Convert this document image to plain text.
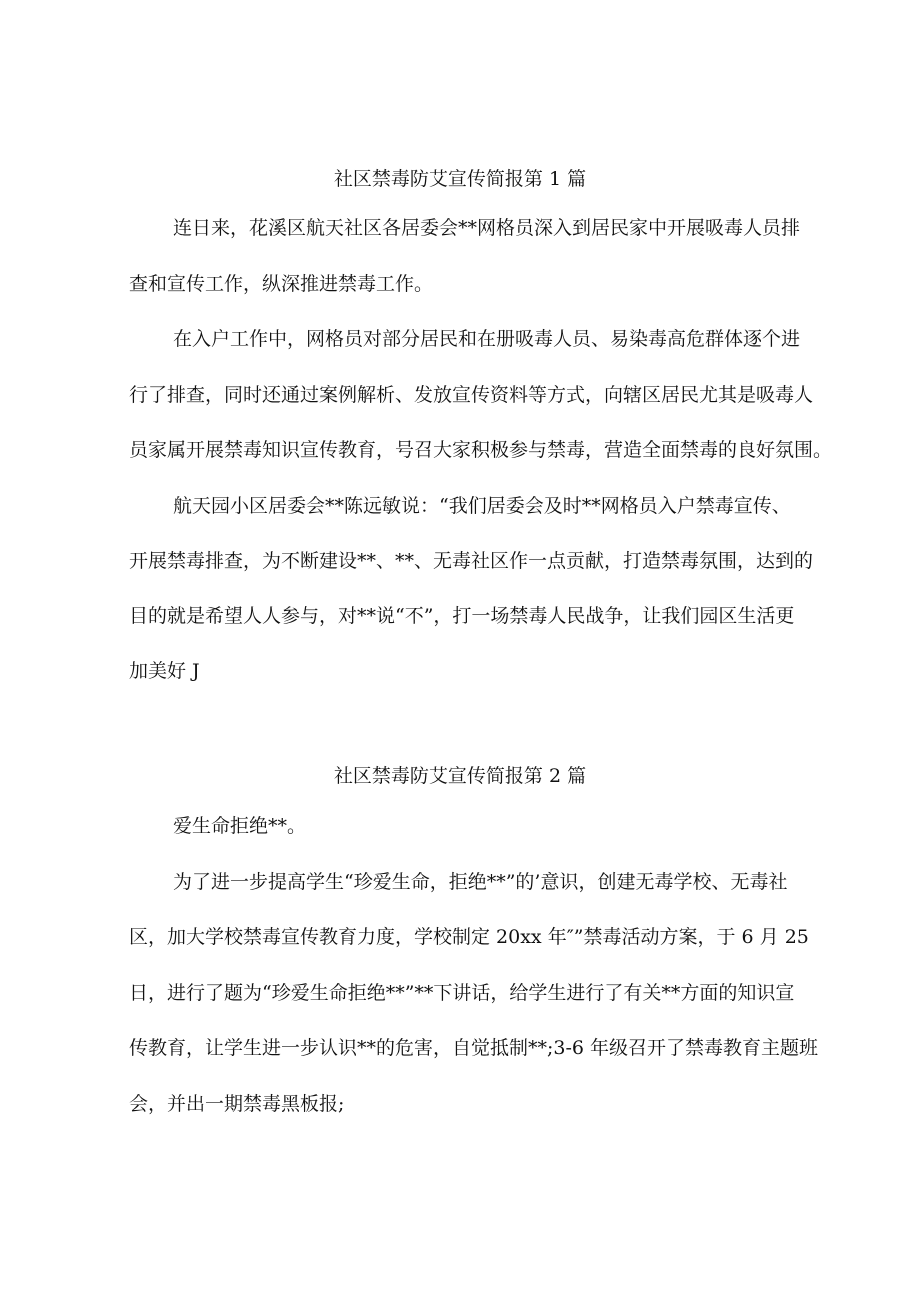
社区禁毒防艾宣传简报第 1 篇
连日来，花溪区航天社区各居委会**网格员深入到居民家中开展吸毒人员排
查和宣传工作，纵深推进禁毒工作。
在入户工作中，网格员对部分居民和在册吸毒人员、易染毒高危群体逐个进
行了排查，同时还通过案例解析、发放宣传资料等方式，向辖区居民尤其是吸毒人
员家属开展禁毒知识宣传教育，号召大家积极参与禁毒，营造全面禁毒的良好氛围。
航天园小区居委会**陈远敏说：“我们居委会及时**网格员入户禁毒宣传、
开展禁毒排查，为不断建设**、**、无毒社区作一点贡献，打造禁毒氛围，达到的
目的就是希望人人参与，对**说“不”，打一场禁毒人民战争，让我们园区生活更
加美好 J
社区禁毒防艾宣传简报第 2 篇
爱生命拒绝**。
为了进一步提高学生“珍爱生命，拒绝**”的’意识，创建无毒学校、无毒社
区，加大学校禁毒宣传教育力度，学校制定 20xx 年″”禁毒活动方案，于 6 月 25
日，进行了题为“珍爱生命拒绝**”**下讲话，给学生进行了有关**方面的知识宣
传教育，让学生进一步认识**的危害，自觉抵制**;3-6 年级召开了禁毒教育主题班
会，并出一期禁毒黑板报;
